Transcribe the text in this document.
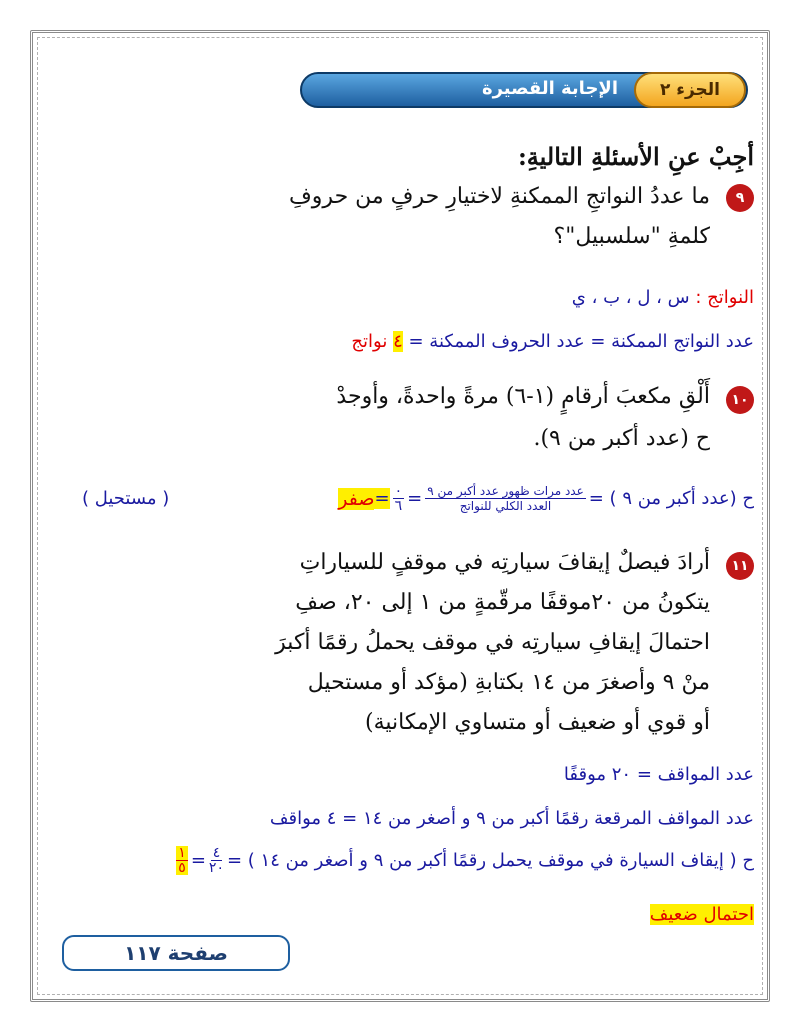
الجزء ٢
الإجابة القصيرة
أجِبْ عنِ الأسئلةِ التاليةِ:
٩
ما عددُ النواتجِ الممكنةِ لاختيارِ حرفٍ من حروفِ
كلمةِ "سلسبيل"؟
النواتج : س ، ل ، ب ، ي
عدد النواتج الممكنة = عدد الحروف الممكنة = ٤ نواتج
١٠
أَلْقِ مكعبَ أرقامٍ (١-٦) مرةً واحدةً، وأوجدْ
ح (عدد أكبر من ٩).
ح (عدد أكبر من ٩ ) =
$\frac{\text{عدد مرات ظهور عدد أكبر من ٩}}{\text{العدد الكلي للنواتج}}$
=
$\frac{٠}{٦}$
=
صفر
( مستحيل )
١١
أرادَ فيصلٌ إيقافَ سيارتِه في موقفٍ للسياراتِ
يتكونُ من ٢٠موقفًا مرقّمةٍ من ١ إلى ٢٠، صفِ
احتمالَ إيقافِ سيارتِه في موقف يحملُ رقمًا أكبرَ
منْ ٩ وأصغرَ من ١٤ بكتابةِ (مؤكد أو مستحيل
أو قوي أو ضعيف أو متساوي الإمكانية)
عدد المواقف = ٢٠ موقفًا
عدد المواقف المرقعة رقمًا أكبر من ٩ و أصغر من ١٤ = ٤ مواقف
ح ( إيقاف السيارة في موقف يحمل رقمًا أكبر من ٩ و أصغر من ١٤ ) =
$\frac{٤}{٢٠}$
=
$\frac{١}{٥}$
احتمال ضعيف
صفحة ١١٧
